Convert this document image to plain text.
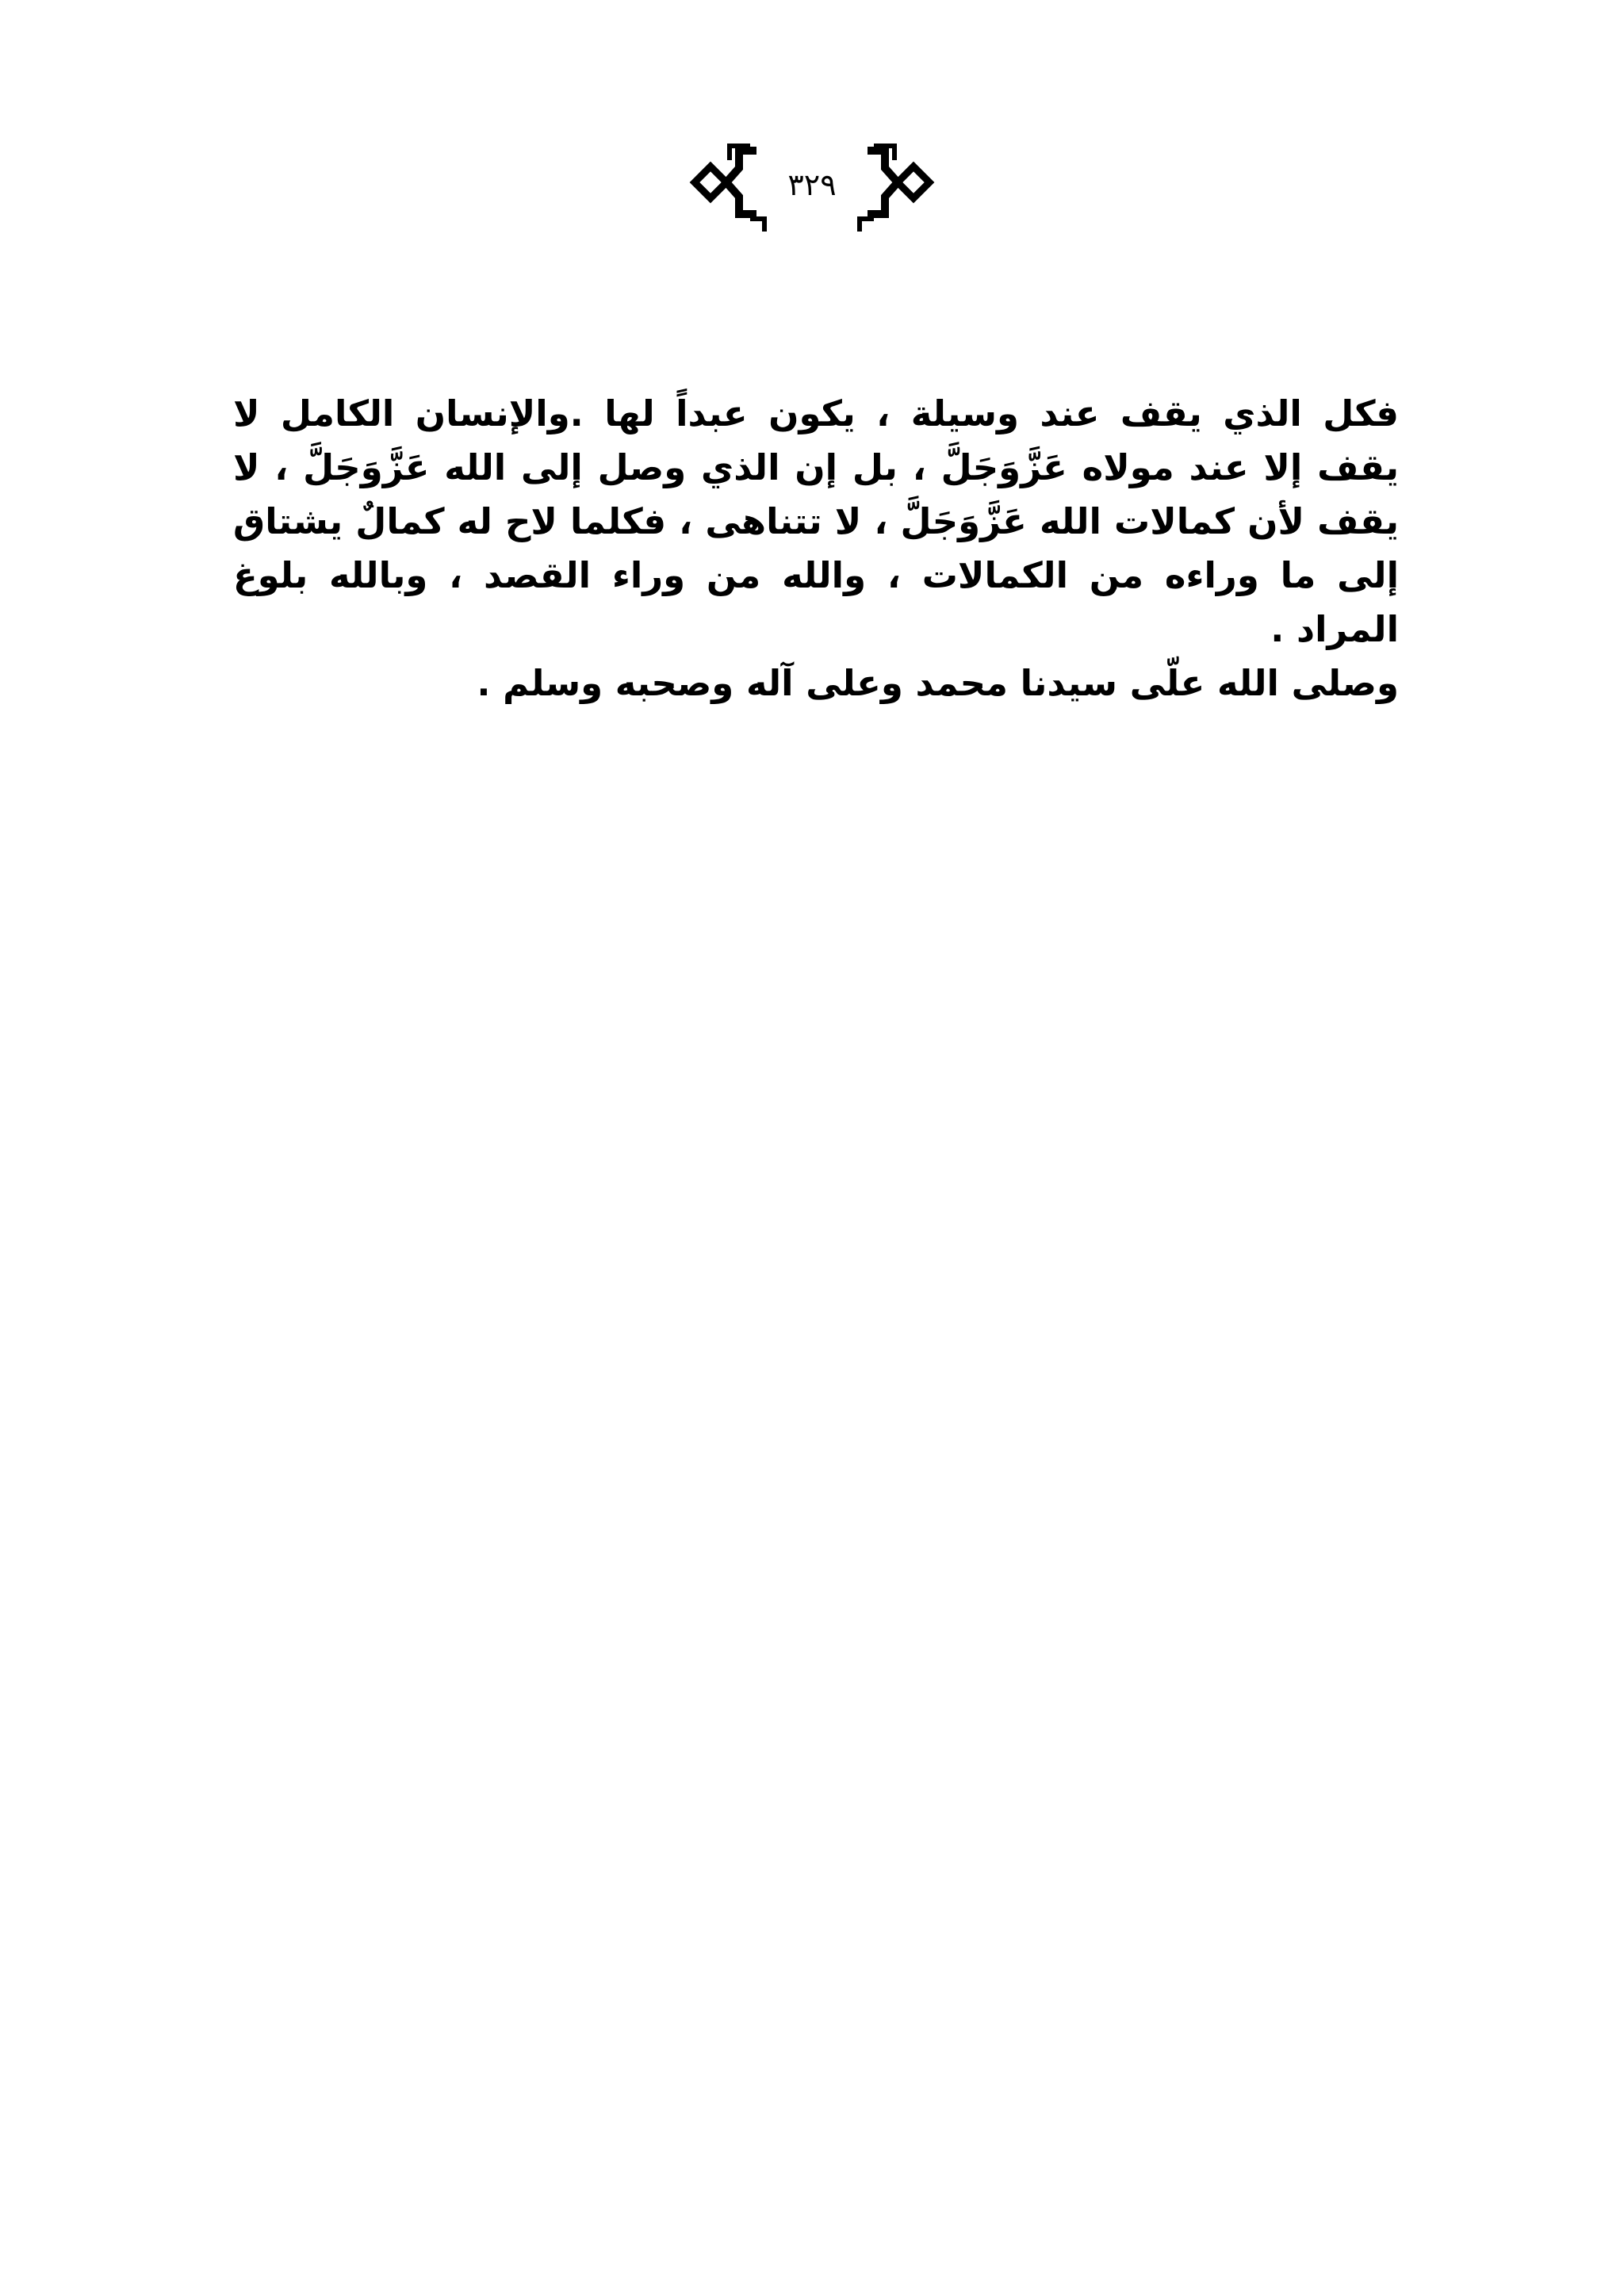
٣٢٩

فكل الذي يقف عند وسيلة ، يكون عبداً لها .والإنسان الكامل لا يقف إلا عند مولاه عَزَّوَجَلَّ ، بل إن الذي وصل إلى الله عَزَّوَجَلَّ ، لا يقف لأن كمالات الله عَزَّوَجَلَّ ، لا تتناهى ، فكلما لاح له كمالٌ يشتاق إلى ما وراءه من الكمالات ، والله من وراء القصد ، وبالله بلوغ المراد .

وصلى الله علّى سيدنا محمد وعلى آله وصحبه وسلم .
